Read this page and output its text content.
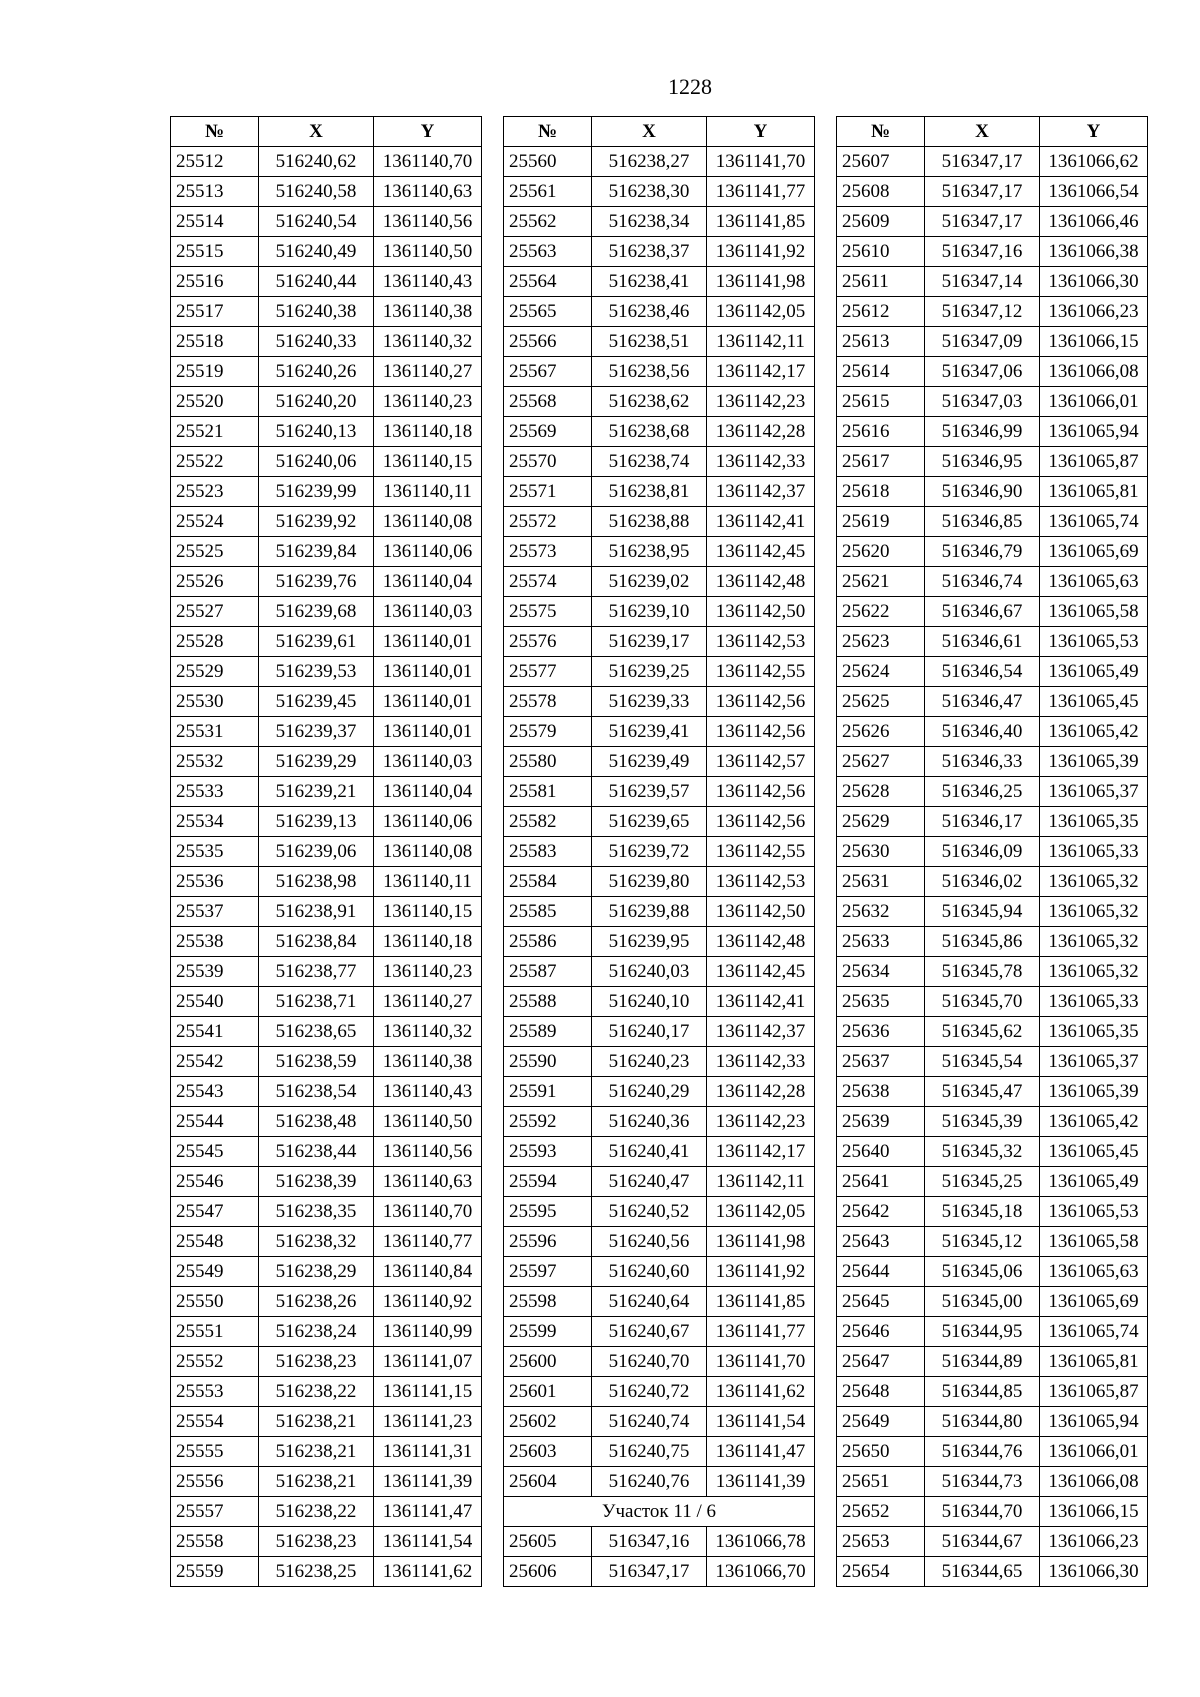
1228
№	X	Y
25512	516240,62	1361140,70
25513	516240,58	1361140,63
25514	516240,54	1361140,56
25515	516240,49	1361140,50
25516	516240,44	1361140,43
25517	516240,38	1361140,38
25518	516240,33	1361140,32
25519	516240,26	1361140,27
25520	516240,20	1361140,23
25521	516240,13	1361140,18
25522	516240,06	1361140,15
25523	516239,99	1361140,11
25524	516239,92	1361140,08
25525	516239,84	1361140,06
25526	516239,76	1361140,04
25527	516239,68	1361140,03
25528	516239,61	1361140,01
25529	516239,53	1361140,01
25530	516239,45	1361140,01
25531	516239,37	1361140,01
25532	516239,29	1361140,03
25533	516239,21	1361140,04
25534	516239,13	1361140,06
25535	516239,06	1361140,08
25536	516238,98	1361140,11
25537	516238,91	1361140,15
25538	516238,84	1361140,18
25539	516238,77	1361140,23
25540	516238,71	1361140,27
25541	516238,65	1361140,32
25542	516238,59	1361140,38
25543	516238,54	1361140,43
25544	516238,48	1361140,50
25545	516238,44	1361140,56
25546	516238,39	1361140,63
25547	516238,35	1361140,70
25548	516238,32	1361140,77
25549	516238,29	1361140,84
25550	516238,26	1361140,92
25551	516238,24	1361140,99
25552	516238,23	1361141,07
25553	516238,22	1361141,15
25554	516238,21	1361141,23
25555	516238,21	1361141,31
25556	516238,21	1361141,39
25557	516238,22	1361141,47
25558	516238,23	1361141,54
25559	516238,25	1361141,62
№	X	Y
25560	516238,27	1361141,70
25561	516238,30	1361141,77
25562	516238,34	1361141,85
25563	516238,37	1361141,92
25564	516238,41	1361141,98
25565	516238,46	1361142,05
25566	516238,51	1361142,11
25567	516238,56	1361142,17
25568	516238,62	1361142,23
25569	516238,68	1361142,28
25570	516238,74	1361142,33
25571	516238,81	1361142,37
25572	516238,88	1361142,41
25573	516238,95	1361142,45
25574	516239,02	1361142,48
25575	516239,10	1361142,50
25576	516239,17	1361142,53
25577	516239,25	1361142,55
25578	516239,33	1361142,56
25579	516239,41	1361142,56
25580	516239,49	1361142,57
25581	516239,57	1361142,56
25582	516239,65	1361142,56
25583	516239,72	1361142,55
25584	516239,80	1361142,53
25585	516239,88	1361142,50
25586	516239,95	1361142,48
25587	516240,03	1361142,45
25588	516240,10	1361142,41
25589	516240,17	1361142,37
25590	516240,23	1361142,33
25591	516240,29	1361142,28
25592	516240,36	1361142,23
25593	516240,41	1361142,17
25594	516240,47	1361142,11
25595	516240,52	1361142,05
25596	516240,56	1361141,98
25597	516240,60	1361141,92
25598	516240,64	1361141,85
25599	516240,67	1361141,77
25600	516240,70	1361141,70
25601	516240,72	1361141,62
25602	516240,74	1361141,54
25603	516240,75	1361141,47
25604	516240,76	1361141,39
Участок 11 / 6		
25605	516347,16	1361066,78
25606	516347,17	1361066,70
№	X	Y
25607	516347,17	1361066,62
25608	516347,17	1361066,54
25609	516347,17	1361066,46
25610	516347,16	1361066,38
25611	516347,14	1361066,30
25612	516347,12	1361066,23
25613	516347,09	1361066,15
25614	516347,06	1361066,08
25615	516347,03	1361066,01
25616	516346,99	1361065,94
25617	516346,95	1361065,87
25618	516346,90	1361065,81
25619	516346,85	1361065,74
25620	516346,79	1361065,69
25621	516346,74	1361065,63
25622	516346,67	1361065,58
25623	516346,61	1361065,53
25624	516346,54	1361065,49
25625	516346,47	1361065,45
25626	516346,40	1361065,42
25627	516346,33	1361065,39
25628	516346,25	1361065,37
25629	516346,17	1361065,35
25630	516346,09	1361065,33
25631	516346,02	1361065,32
25632	516345,94	1361065,32
25633	516345,86	1361065,32
25634	516345,78	1361065,32
25635	516345,70	1361065,33
25636	516345,62	1361065,35
25637	516345,54	1361065,37
25638	516345,47	1361065,39
25639	516345,39	1361065,42
25640	516345,32	1361065,45
25641	516345,25	1361065,49
25642	516345,18	1361065,53
25643	516345,12	1361065,58
25644	516345,06	1361065,63
25645	516345,00	1361065,69
25646	516344,95	1361065,74
25647	516344,89	1361065,81
25648	516344,85	1361065,87
25649	516344,80	1361065,94
25650	516344,76	1361066,01
25651	516344,73	1361066,08
25652	516344,70	1361066,15
25653	516344,67	1361066,23
25654	516344,65	1361066,30
